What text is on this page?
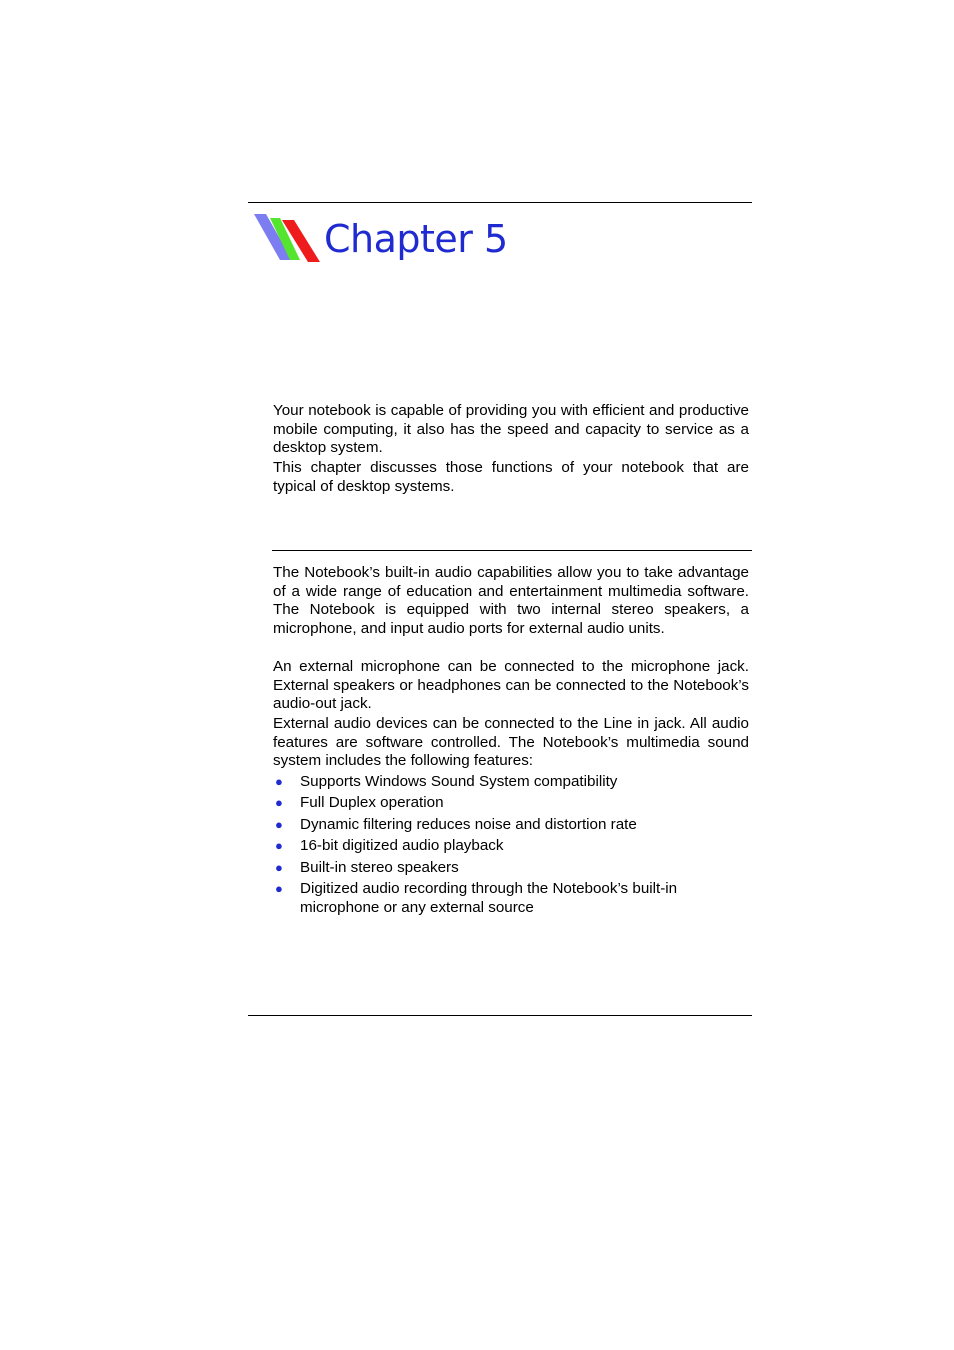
Chapter 5

Your notebook is capable of providing you with efficient and productive mobile computing, it also has the speed and capacity to service as a desktop system.

This chapter discusses those functions of your notebook that are typical of desktop systems.

The Notebook’s built-in audio capabilities allow you to take advantage of a wide range of education and entertainment multimedia software. The Notebook is equipped with two internal stereo speakers, a microphone, and input audio ports for external audio units.

An external microphone can be connected to the microphone jack. External speakers or headphones can be connected to the Notebook’s audio-out jack.

External audio devices can be connected to the Line in jack. All audio features are software controlled. The Notebook’s multimedia sound system includes the following features:

● Supports Windows Sound System compatibility
● Full Duplex operation
● Dynamic filtering reduces noise and distortion rate
● 16-bit digitized audio playback
● Built-in stereo speakers
● Digitized audio recording through the Notebook’s built-in microphone or any external source
